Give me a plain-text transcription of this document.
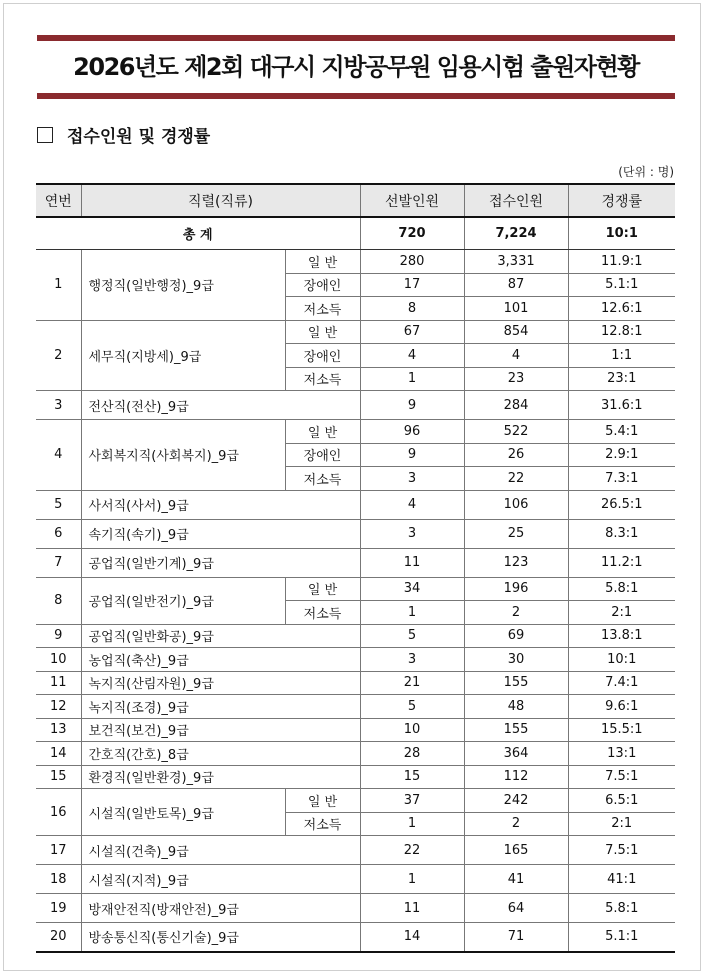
2026년도 제2회 대구시 지방공무원 임용시험 출원자현황
접수인원 및 경쟁률
(단위 : 명)
연번	직렬(직류)		선발인원	접수인원	경쟁률
총 계			720	7,224	10:1
1	행정직(일반행정)_9급	일 반	280	3,331	11.9:1
		장애인	17	87	5.1:1
		저소득	8	101	12.6:1
2	세무직(지방세)_9급	일 반	67	854	12.8:1
		장애인	4	4	1:1
		저소득	1	23	23:1
3	전산직(전산)_9급		9	284	31.6:1
4	사회복지직(사회복지)_9급	일 반	96	522	5.4:1
		장애인	9	26	2.9:1
		저소득	3	22	7.3:1
5	사서직(사서)_9급		4	106	26.5:1
6	속기직(속기)_9급		3	25	8.3:1
7	공업직(일반기계)_9급		11	123	11.2:1
8	공업직(일반전기)_9급	일 반	34	196	5.8:1
		저소득	1	2	2:1
9	공업직(일반화공)_9급		5	69	13.8:1
10	농업직(축산)_9급		3	30	10:1
11	녹지직(산림자원)_9급		21	155	7.4:1
12	녹지직(조경)_9급		5	48	9.6:1
13	보건직(보건)_9급		10	155	15.5:1
14	간호직(간호)_8급		28	364	13:1
15	환경직(일반환경)_9급		15	112	7.5:1
16	시설직(일반토목)_9급	일 반	37	242	6.5:1
		저소득	1	2	2:1
17	시설직(건축)_9급		22	165	7.5:1
18	시설직(지적)_9급		1	41	41:1
19	방재안전직(방재안전)_9급		11	64	5.8:1
20	방송통신직(통신기술)_9급		14	71	5.1:1
